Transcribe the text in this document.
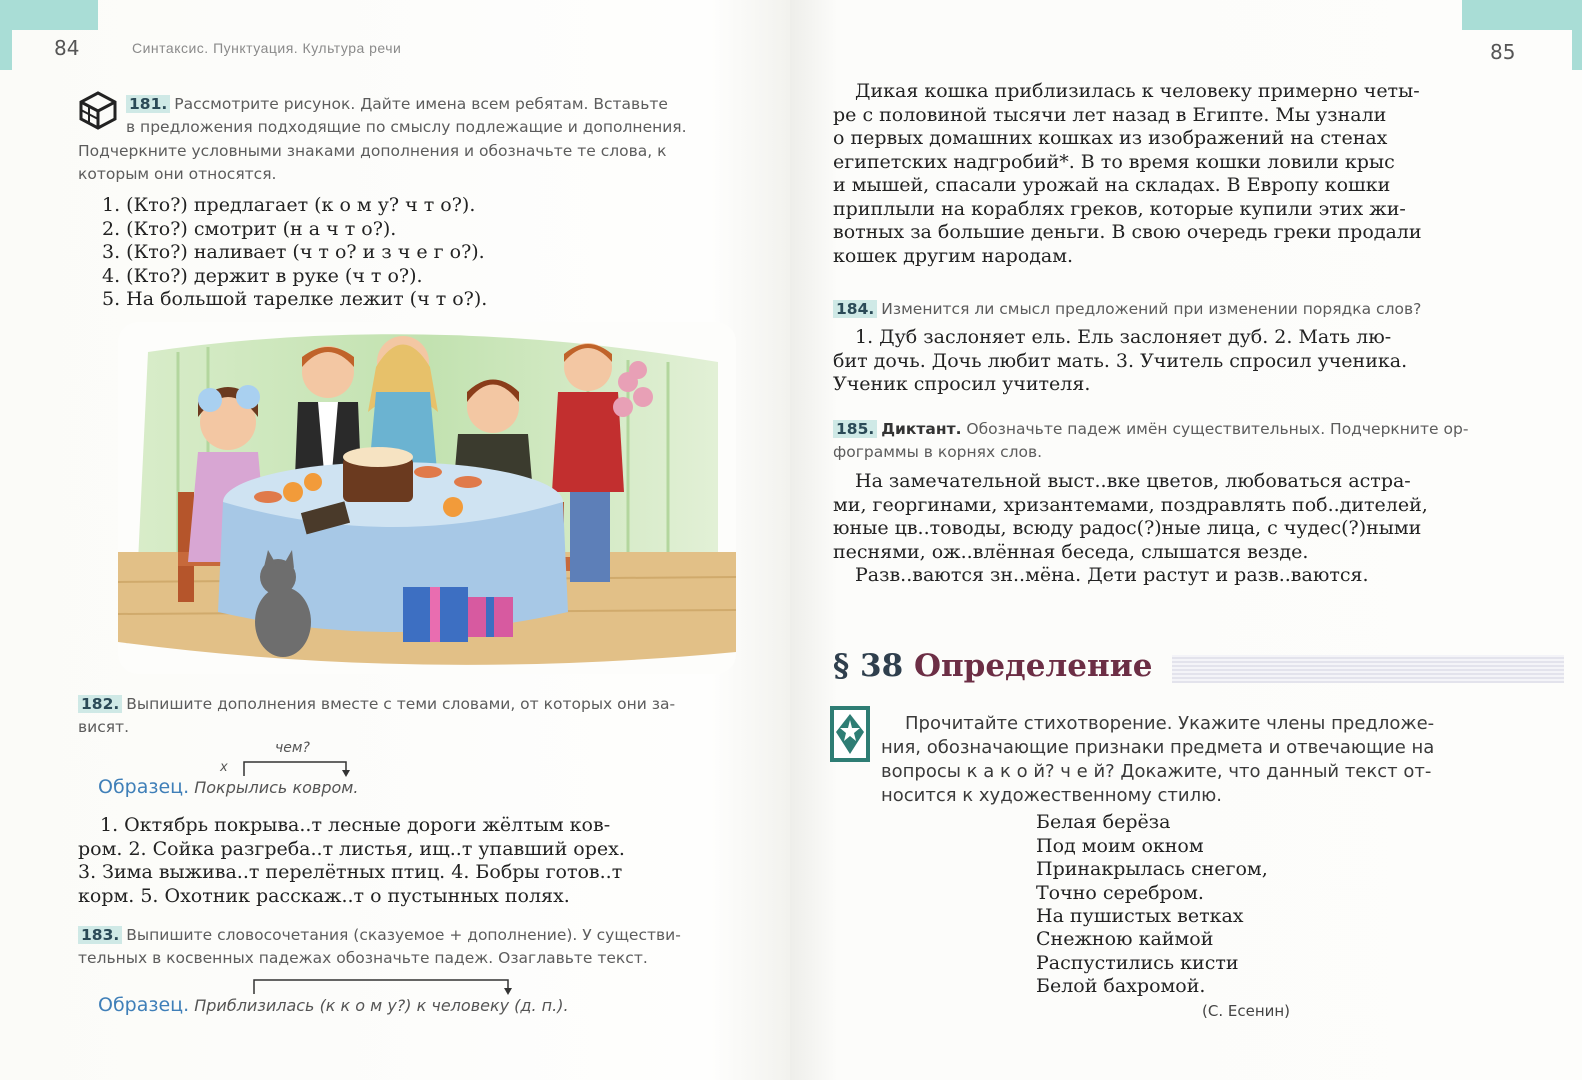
84	Синтаксис. Пунктуация. Культура речи
181. Рассмотрите рисунок. Дайте имена всем ребятам. Вставьте
в предложения подходящие по смыслу подлежащие и дополнения.
Подчеркните условными знаками дополнения и обозначьте те слова, к
которым они относятся.
1. (Кто?) предлагает (к о м у? ч т о?).
2. (Кто?) смотрит (н а ч т о?).
3. (Кто?) наливает (ч т о? и з ч е г о?).
4. (Кто?) держит в руке (ч т о?).
5. На большой тарелке лежит (ч т о?).
182. Выпишите дополнения вместе с теми словами, от которых они за-
висят.
чем?
х
Образец. Покрылись ковром.
1. Октябрь покрыва..т лесные дороги жёлтым ков-
ром. 2. Сойка разгреба..т листья, ищ..т упавший орех.
3. Зима выжива..т перелётных птиц. 4. Бобры готов..т
корм. 5. Охотник расскаж..т о пустынных полях.
183. Выпишите словосочетания (сказуемое + дополнение). У существи-
тельных в косвенных падежах обозначьте падеж. Озаглавьте текст.
Образец. Приблизилась (к к о м у?) к человеку (д. п.).
85
Дикая кошка приблизилась к человеку примерно четы-
ре с половиной тысячи лет назад в Египте. Мы узнали
о первых домашних кошках из изображений на стенах
египетских надгробий*. В то время кошки ловили крыс
и мышей, спасали урожай на складах. В Европу кошки
приплыли на кораблях греков, которые купили этих жи-
вотных за большие деньги. В свою очередь греки продали
кошек другим народам.
184. Изменится ли смысл предложений при изменении порядка слов?
1. Дуб заслоняет ель. Ель заслоняет дуб. 2. Мать лю-
бит дочь. Дочь любит мать. 3. Учитель спросил ученика.
Ученик спросил учителя.
185. Диктант. Обозначьте падеж имён существительных. Подчеркните ор-
фограммы в корнях слов.
На замечательной выст..вке цветов, любоваться астра-
ми, георгинами, хризантемами, поздравлять поб..дителей,
юные цв..товоды, всюду радос(?)ные лица, с чудес(?)ными
песнями, ож..влённая беседа, слышатся везде.
Разв..ваются зн..мёна. Дети растут и разв..ваются.
§ 38 Определение
Прочитайте стихотворение. Укажите члены предложе-
ния, обозначающие признаки предмета и отвечающие на
вопросы к а к о й? ч е й? Докажите, что данный текст от-
носится к художественному стилю.
Белая берёза
Под моим окном
Принакрылась снегом,
Точно серебром.
На пушистых ветках
Снежною каймой
Распустились кисти
Белой бахромой.
(С. Есенин)
